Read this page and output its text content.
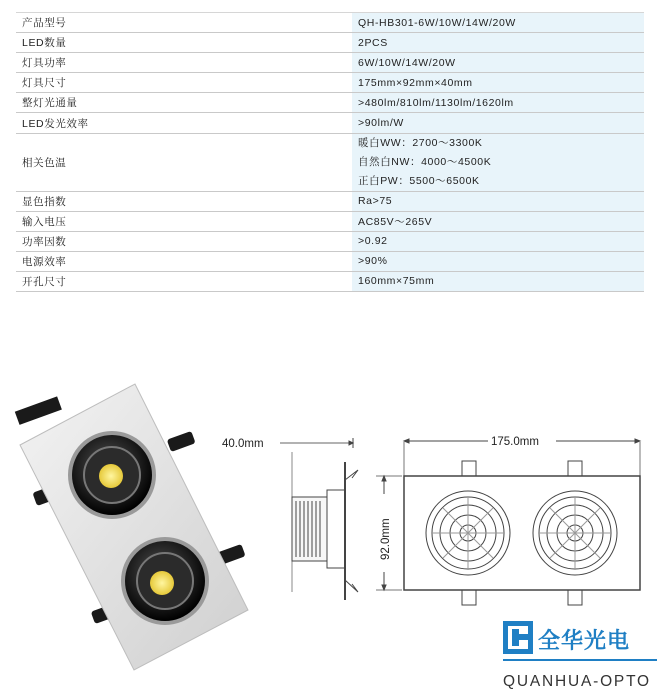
产品型号	QH-HB301-6W/10W/14W/20W
LED数量	2PCS
灯具功率	6W/10W/14W/20W
灯具尺寸	175mm×92mm×40mm
整灯光通量	>480lm/810lm/1130lm/1620lm
LED发光效率	>90lm/W
相关色温	暖白WW：2700～3300K
自然白NW：4000～4500K
正白PW：5500～6500K

显色指数	Ra>75
输入电压	AC85V～265V
功率因数	>0.92
电源效率	>90%
开孔尺寸	160mm×75mm
40.0mm	175.0mm
92.0mm
全华光电
QUANHUA-OPTO
